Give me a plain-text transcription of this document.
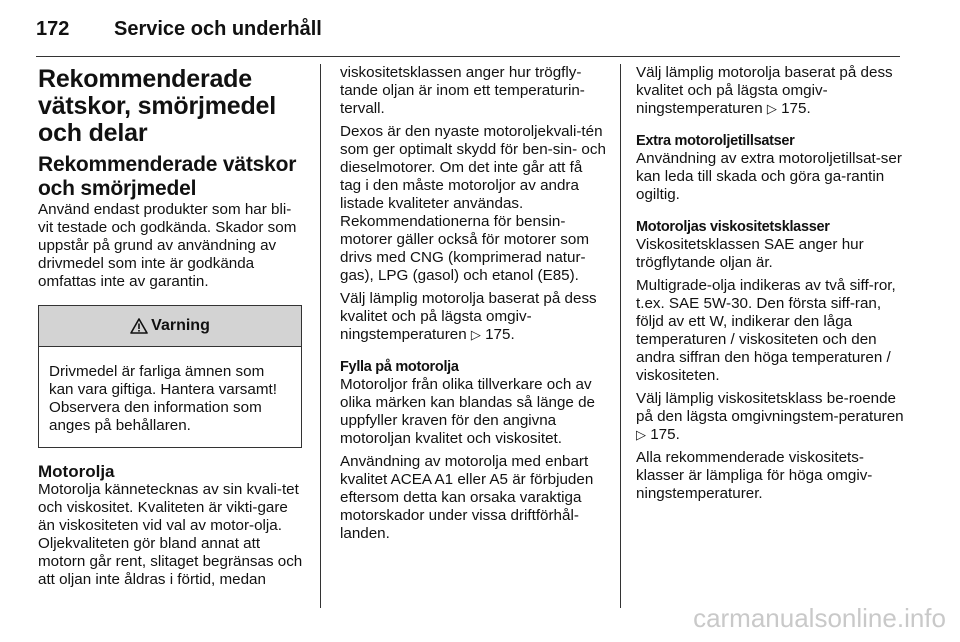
172 Service och underhåll
Rekommenderade vätskor, smörjmedel och delar
Rekommenderade vätskor och smörjmedel

Använd endast produkter som har bli-vit testade och godkända. Skador som uppstår på grund av användning av drivmedel som inte är godkända omfattas inte av garantin.

Varning
Drivmedel är farliga ämnen som kan vara giftiga. Hantera varsamt! Observera den information som anges på behållaren.
Motorolja

Motorolja kännetecknas av sin kvali-tet och viskositet. Kvaliteten är vikti-gare än viskositeten vid val av motor-olja. Oljekvaliteten gör bland annat att motorn går rent, slitaget begränsas och att oljan inte åldras i förtid, medan

viskositetsklassen anger hur trögfly-tande oljan är inom ett temperaturin-tervall.

Dexos är den nyaste motoroljekvali-tén som ger optimalt skydd för ben-sin- och dieselmotorer. Om det inte går att få tag i den måste motoroljor av andra listade kvaliteter användas. Rekommendationerna för bensin-motorer gäller också för motorer som drivs med CNG (komprimerad natur-gas), LPG (gasol) och etanol (E85).

Välj lämplig motorolja baserat på dess kvalitet och på lägsta omgiv-ningstemperaturen ▷ 175.

Fylla på motorolja

Motoroljor från olika tillverkare och av olika märken kan blandas så länge de uppfyller kraven för den angivna motoroljan kvalitet och viskositet.

Användning av motorolja med enbart kvalitet ACEA A1 eller A5 är förbjuden eftersom detta kan orsaka varaktiga motorskador under vissa driftförhål-landen.

Välj lämplig motorolja baserat på dess kvalitet och på lägsta omgiv-ningstemperaturen ▷ 175.

Extra motoroljetillsatser

Användning av extra motoroljetillsat-ser kan leda till skada och göra ga-rantin ogiltig.

Motoroljas viskositetsklasser

Viskositetsklassen SAE anger hur trögflytande oljan är.

Multigrade-olja indikeras av två siff-ror, t.ex. SAE 5W-30. Den första siff-ran, följd av ett W, indikerar den låga temperaturen / viskositeten och den andra siffran den höga temperaturen / viskositeten.

Välj lämplig viskositetsklass be-roende på den lägsta omgivningstem-peraturen ▷ 175.

Alla rekommenderade viskositets-klasser är lämpliga för höga omgiv-ningstemperaturer.

carmanualsonline.info
